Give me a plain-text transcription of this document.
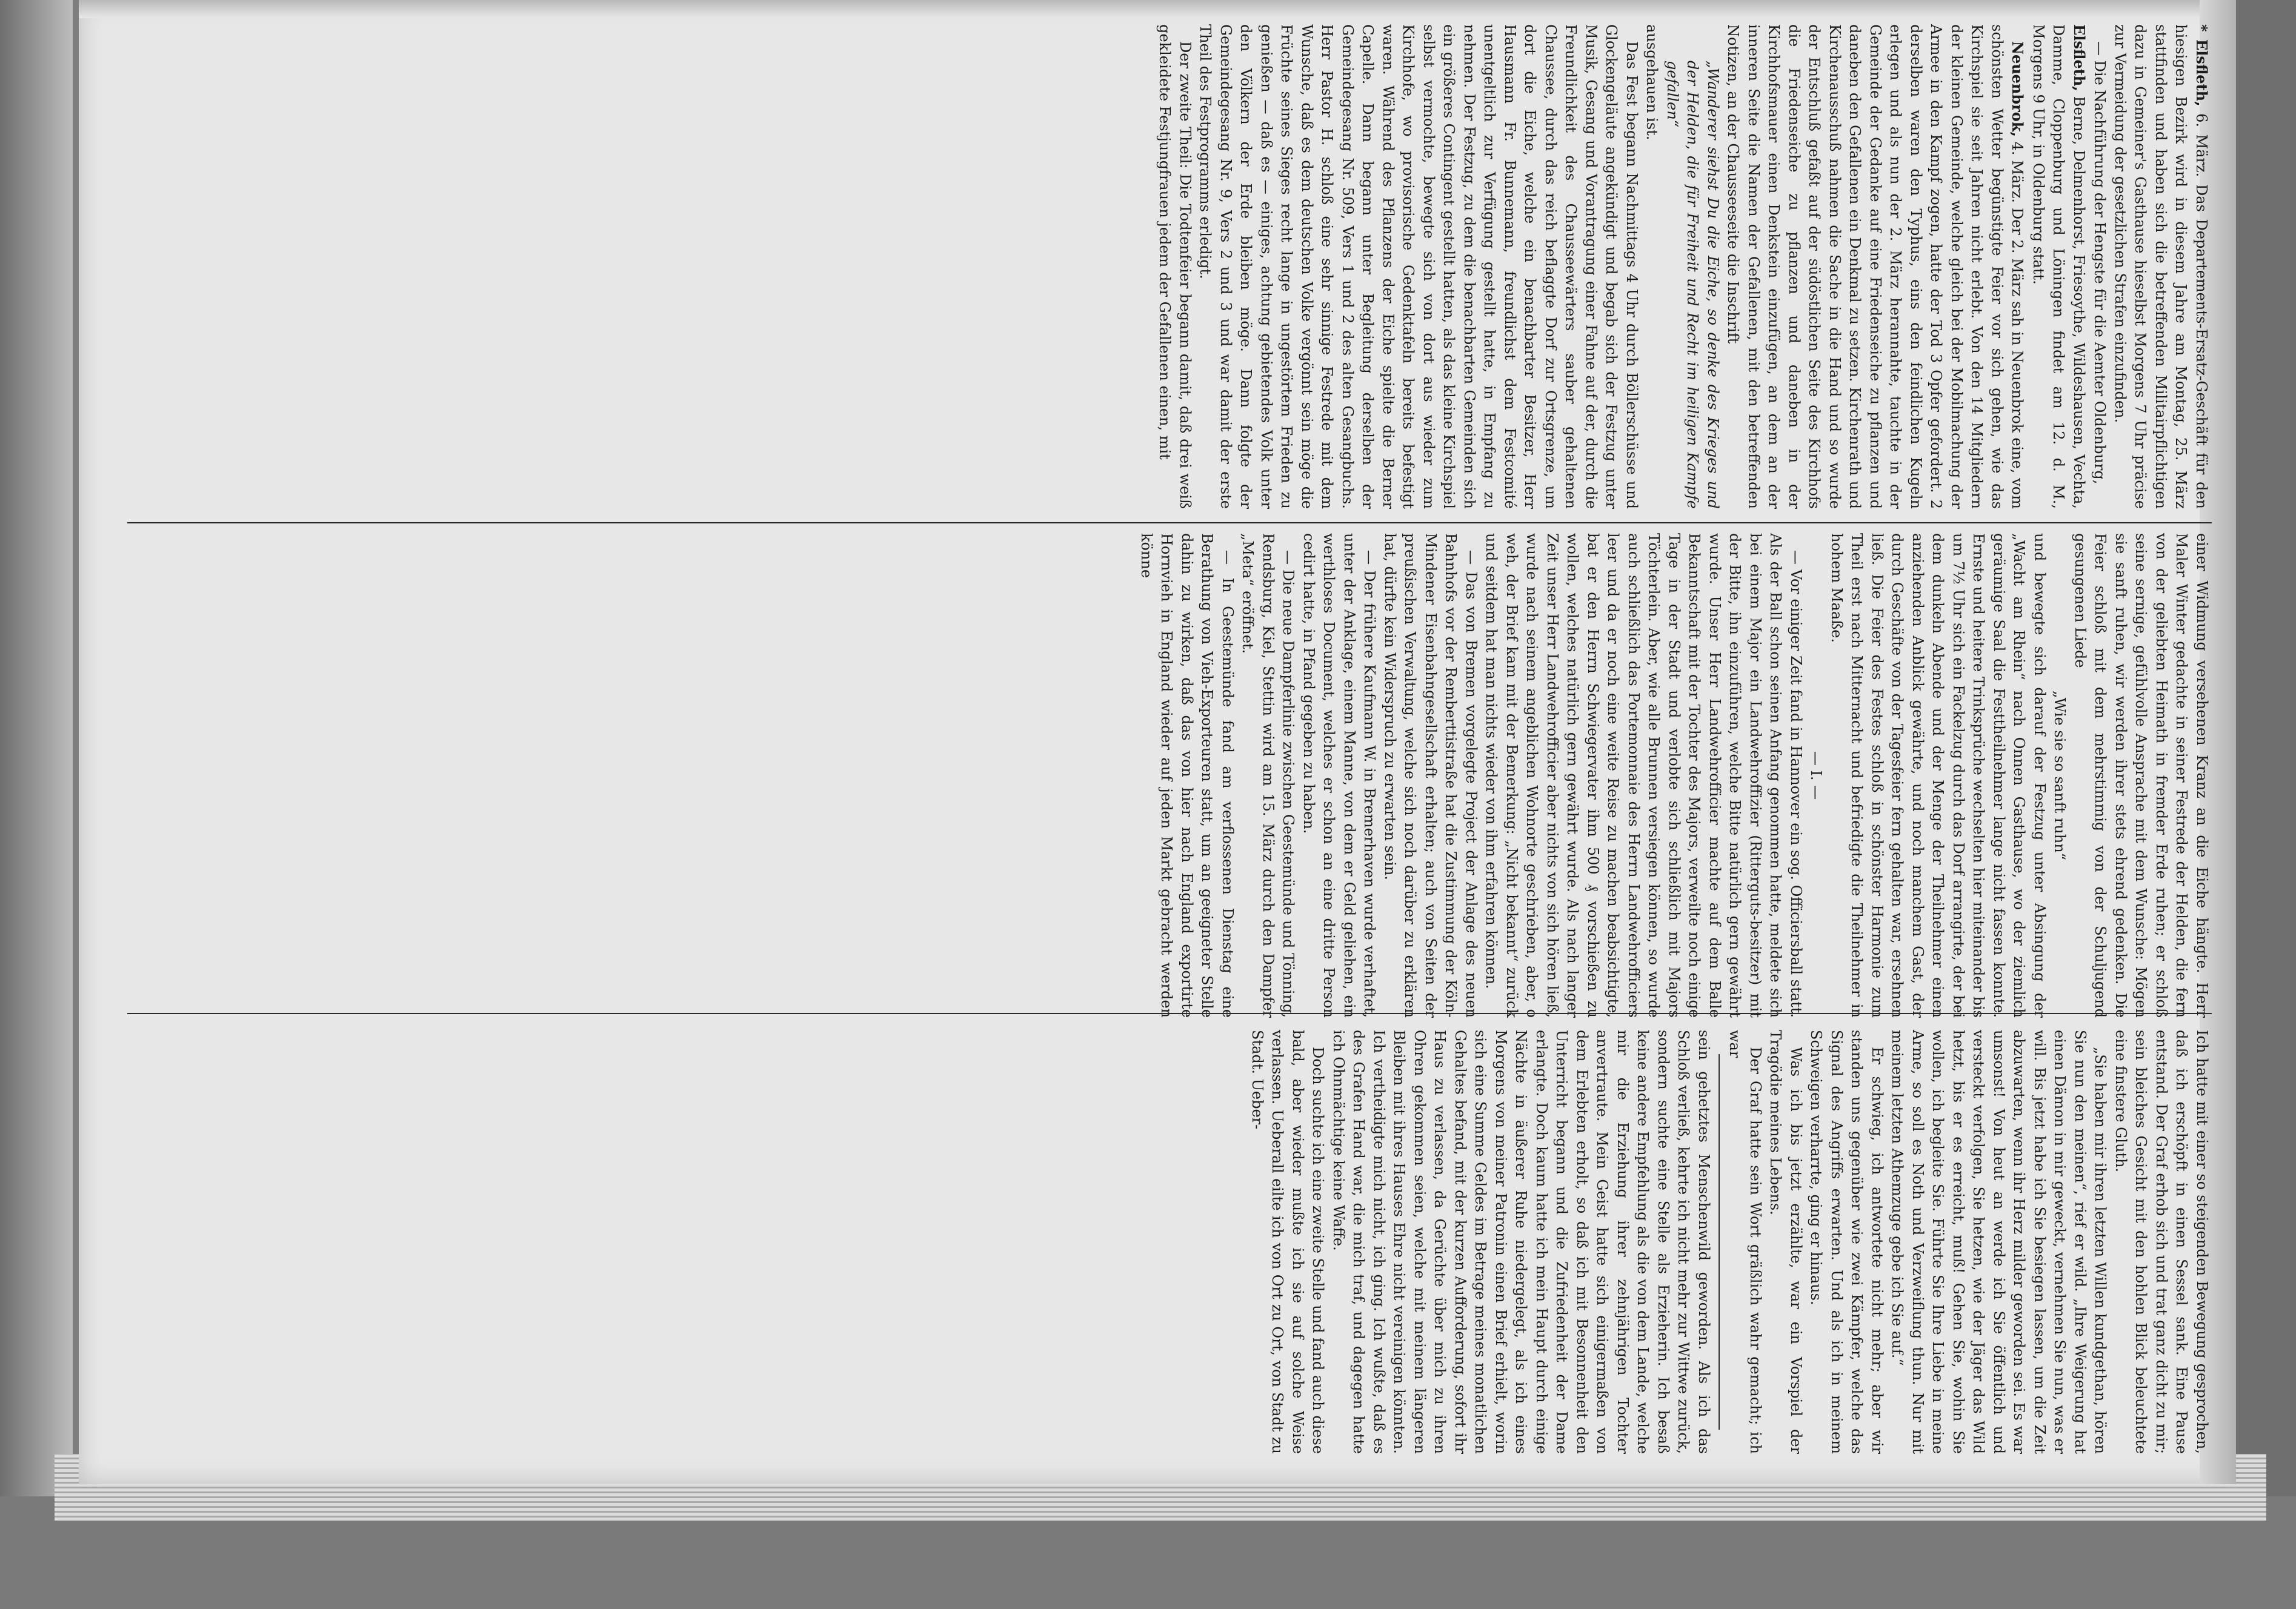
* Elsfleth, 6. März. Das Departements-Ersatz-Geschäft für den hiesigen Bezirk wird in diesem Jahre am Montag, 25. März stattfinden und haben sich die betreffenden Militairpflichtigen dazu in Gemeiner's Gasthause hieselbst Morgens 7 Uhr präcise zur Vermeidung der gesetzlichen Strafen einzufinden.

— Die Nachführung der Hengste für die Aemter Oldenburg,

Elsfleth, Berne, Delmenhorst, Friesoythe, Wildeshausen, Vechta, Damme, Cloppenburg und Löningen findet am 12. d. M., Morgens 9 Uhr, in Oldenburg statt.

Neuenbrok, 4. März. Der 2. März sah in Neuenbrok eine, vom schönsten Wetter begünstigte Feier vor sich gehen, wie das Kirchspiel sie seit Jahren nicht erlebt. Von den 14 Mitgliedern der kleinen Gemeinde, welche gleich bei der Mobilmachung der Armee in den Kampf zogen, hatte der Tod 3 Opfer gefordert. 2 derselben waren den Typhus, eins den feindlichen Kugeln erlegen und als nun der 2. März herannahte, tauchte in der Gemeinde der Gedanke auf eine Friedenseiche zu pflanzen und daneben den Gefallenen ein Denkmal zu setzen. Kirchenrath und Kirchenausschuß nahmen die Sache in die Hand und so wurde der Entschluß gefaßt auf der südöstlichen Seite des Kirchhofs die Friedenseiche zu pflanzen und daneben in der Kirchhofsmauer einen Denkstein einzufügen, an dem an der inneren Seite die Namen der Gefallenen, mit den betreffenden Notizen, an der Chausseeseite die Inschrift

„Wanderer siehst Du die Eiche, so denke des Krieges und der Helden, die für Freiheit und Recht im heiligen Kampfe gefallen“

ausgehauen ist.

Das Fest begann Nachmittags 4 Uhr durch Böllerschüsse und Glockengeläute angekündigt und begab sich der Festzug unter Musik, Gesang und Vorantragung einer Fahne auf der, durch die Freundlichkeit des Chausseewärters sauber gehaltenen Chaussee, durch das reich beflaggte Dorf zur Ortsgrenze, um dort die Eiche, welche ein benachbarter Besitzer, Herr Hausmann Fr. Bunnemann, freundlichst dem Festcomité unentgeltlich zur Verfügung gestellt hatte, in Empfang zu nehmen. Der Festzug, zu dem die benachbarten Gemeinden sich ein größeres Contingent gestellt hatten, als das kleine Kirchspiel selbst vermochte, bewegte sich von dort aus wieder zum Kirchhofe, wo provisorische Gedenktafeln bereits befestigt waren. Während des Pflanzens der Eiche spielte die Berner Capelle. Dann begann unter Begleitung derselben der Gemeindegesang Nr. 509, Vers 1 und 2 des alten Gesangbuchs. Herr Pastor H. schloß eine sehr sinnige Festrede mit dem Wunsche, daß es dem deutschen Volke vergönnt sein möge die Früchte seines Sieges recht lange in ungestörtem Frieden zu genießen — daß es — einiges, achtung gebietendes Volk unter den Völkern der Erde bleiben möge. Dann folgte der Gemeindegesang Nr. 9, Vers 2 und 3 und war damit der erste Theil des Festprogramms erledigt.

Der zweite Theil: Die Todtenfeier begann damit, daß drei weiß gekleidete Festjungfrauen jedem der Gefallenen einen, mit

einer Widmung versehenen Kranz an die Eiche hängte. Herr Maler Winter gedachte in seiner Festrede der Helden, die fern von der geliebten Heimath in fremder Erde ruhen; er schloß seine sernige, gefühlvolle Ansprache mit dem Wunsche: Mögen sie sanft ruhen, wir werden ihrer stets ehrend gedenken. Die Feier schloß mit dem mehrstimmig von der Schuljugend gesungenen Liede

„Wie sie so sanft ruhn“

und bewegte sich darauf der Festzug unter Absingung der „Wacht am Rhein“ nach Onnen Gasthause, wo der ziemlich geräumige Saal die Festtheilnehmer lange nicht fassen konnte. Ernste und heitere Trinksprüche wechselten hier miteinander bis um 7½ Uhr sich ein Fackelzug durch das Dorf arrangirte, der bei dem dunkeln Abende und der Menge der Theilnehmer einen anziehenden Anblick gewährte, und noch manchem Gast, der durch Geschäfte von der Tagesfeier fern gehalten war, ersehnen ließ. Die Feier des Festes schloß in schönster Harmonie zum Theil erst nach Mitternacht und befriedigte die Theilnehmer in hohem Maaße.

— I. —

— Vor einiger Zeit fand in Hannover ein sog. Officiersball statt. Als der Ball schon seinen Anfang genommen hatte, meldete sich bei einem Major ein Landwehroffizier (Ritterguts-besitzer) mit der Bitte, ihn einzuführen, welche Bitte natürlich gern gewährt wurde. Unser Herr Landwehrofficier machte auf dem Balle Bekanntschaft mit der Tochter des Majors, verweilte noch einige Tage in der Stadt und verlobte sich schließlich mit Majors Töchterlein. Aber, wie alle Brunnen versiegen können, so wurde auch schließlich das Portemonnaie des Herrn Landwehrofficiers leer und da er noch eine weite Reise zu machen beabsichtigte, bat er den Herrn Schwiegervater ihm 500 ₰ vorschießen zu wollen, welches natürlich gern gewährt wurde. Als nach langer Zeit unser Herr Landwehrofficier aber nichts von sich hören ließ, wurde nach seinem angeblichen Wohnorte geschrieben, aber, o weh, der Brief kam mit der Bemerkung: „Nicht bekannt“ zurück und seitdem hat man nichts wieder von ihm erfahren können.

— Das von Bremen vorgelegte Project der Anlage des neuen Bahnhofs vor der Remberttistraße hat die Zustimmung der Köln-Mindener Eisenbahngesellschaft erhalten; auch von Seiten der preußischen Verwaltung, welche sich noch darüber zu erklären hat, dürfte kein Widerspruch zu erwarten sein.

— Der frühere Kaufmann W. in Bremerhaven wurde verhaftet, unter der Anklage, einem Manne, von dem er Geld geliehen, ein werthloses Document, welches er schon an eine dritte Person cedirt hatte, in Pfand gegeben zu haben.

— Die neue Dampferlinie zwischen Geestemünde und Tönning, Rendsburg, Kiel, Stettin wird am 15. März durch den Dampfer „Meta“ eröffnet.

— In Geestemünde fand am verflossenen Dienstag eine Berathung von Vieh-Exporteuren statt, um an geeigneter Stelle dahin zu wirken, daß das von hier nach England exportirte Hornvieh in England wieder auf jeden Markt gebracht werden könne

Ich hatte mit einer so steigenden Bewegung gesprochen, daß ich erschöpft in einen Sessel sank. Eine Pause entstand. Der Graf erhob sich und trat ganz dicht zu mir; sein bleiches Gesicht mit den hohlen Blick beleuchtete eine finstere Gluth.

„Sie haben mir ihren letzten Willen kundgethan, hören Sie nun den meinen“, rief er wild. „Ihre Weigerung hat einen Dämon in mir geweckt, vernehmen Sie nun, was er will. Bis jetzt habe ich Sie besiegen lassen, um die Zeit abzuwarten, wenn ihr Herz milder geworden sei. Es war umsonst! Von heut an werde ich Sie öffentlich und versteckt verfolgen, Sie hetzen, wie der Jäger das Wild hetzt, bis er es erreicht, muß! Gehen Sie, wohin Sie wollen, ich begleite Sie. Führte Sie Ihre Liebe in meine Arme, so soll es Noth und Verzweiflung thun. Nur mit meinem letzten Athemzuge gebe ich Sie auf.“

Er schwieg, ich antwortete nicht mehr; aber wir standen uns gegenüber wie zwei Kämpfer, welche das Signal des Angriffs erwarten. Und als ich in meinem Schweigen verharrte, ging er hinaus.

Was ich bis jetzt erzählte, war ein Vorspiel der Tragödie meines Lebens.

Der Graf hatte sein Wort gräßlich wahr gemacht; ich war

sein gehetztes Menschenwild geworden. Als ich das Schloß verließ, kehrte ich nicht mehr zur Wittwe zurück, sondern suchte eine Stelle als Erzieherin. Ich besaß keine andere Empfehlung als die von dem Lande, welche mir die Erziehung ihrer zehnjährigen Tochter anvertraute. Mein Geist hatte sich einigermaßen von dem Erlebten erholt, so daß ich mit Besonnenheit den Unterricht begann und die Zufriedenheit der Dame erlangte. Doch kaum hatte ich mein Haupt durch einige Nächte in äußerer Ruhe niedergelegt, als ich eines Morgens von meiner Patronin einen Brief erhielt, worin sich eine Summe Geldes im Betrage meines monatlichen Gehaltes befand, mit der kurzen Aufforderung, sofort ihr Haus zu verlassen, da Gerüchte über mich zu ihren Ohren gekommen seien, welche mit meinem längeren Bleiben mit ihres Hauses Ehre nicht vereinigen könnten. Ich vertheidigte mich nicht, ich ging. Ich wußte, daß es des Grafen Hand war, die mich traf, und dagegen hatte ich Ohnmächtige keine Waffe.

Doch suchte ich eine zweite Stelle und fand auch diese bald, aber wieder mußte ich sie auf solche Weise verlassen. Ueberall eilte ich von Ort zu Ort, von Stadt zu Stadt. Ueber-
